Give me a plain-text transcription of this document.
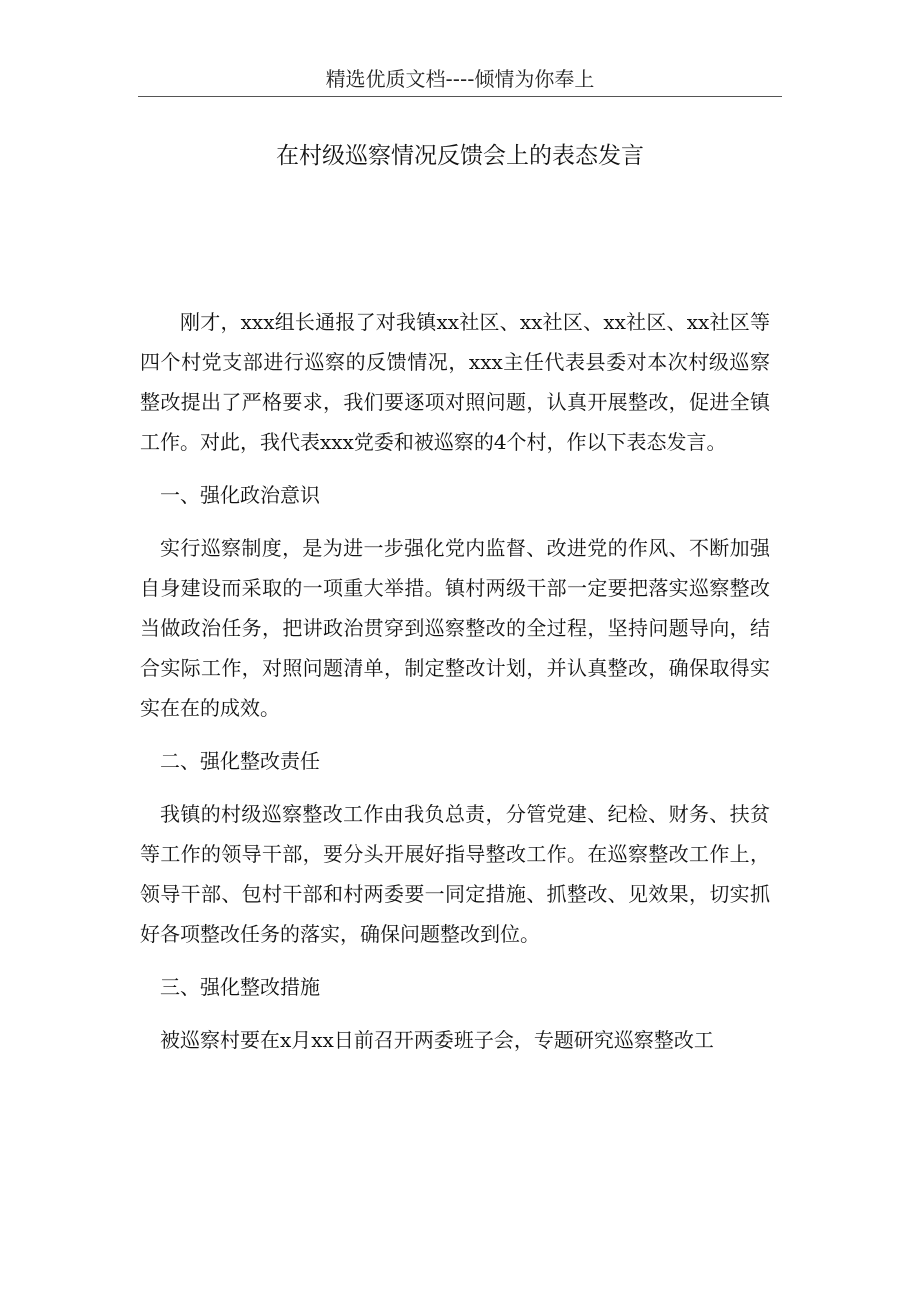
精选优质文档----倾情为你奉上
在村级巡察情况反馈会上的表态发言

刚才，xxx组长通报了对我镇xx社区、xx社区、xx社区、xx社区等四个村党支部进行巡察的反馈情况，xxx主任代表县委对本次村级巡察整改提出了严格要求，我们要逐项对照问题，认真开展整改，促进全镇工作。对此，我代表xxx党委和被巡察的4个村，作以下表态发言。

一、强化政治意识

实行巡察制度，是为进一步强化党内监督、改进党的作风、不断加强自身建设而采取的一项重大举措。镇村两级干部一定要把落实巡察整改当做政治任务，把讲政治贯穿到巡察整改的全过程，坚持问题导向，结合实际工作，对照问题清单，制定整改计划，并认真整改，确保取得实实在在的成效。

二、强化整改责任

我镇的村级巡察整改工作由我负总责，分管党建、纪检、财务、扶贫等工作的领导干部，要分头开展好指导整改工作。在巡察整改工作上，领导干部、包村干部和村两委要一同定措施、抓整改、见效果，切实抓好各项整改任务的落实，确保问题整改到位。

三、强化整改措施

被巡察村要在x月xx日前召开两委班子会，专题研究巡察整改工
